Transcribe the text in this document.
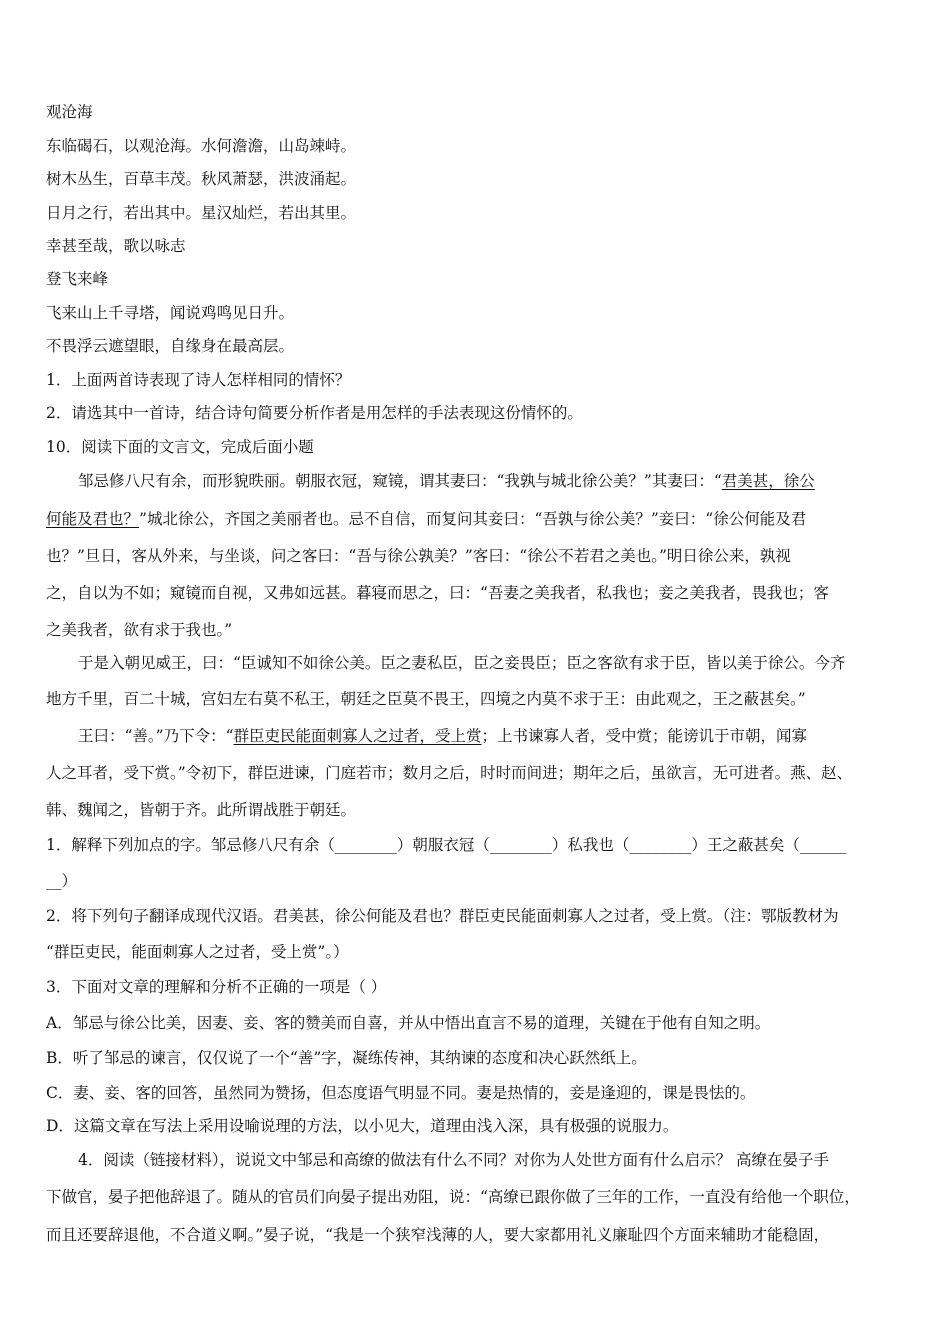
观沧海
东临碣石，以观沧海。水何澹澹，山岛竦峙。
树木丛生，百草丰茂。秋风萧瑟，洪波涌起。
日月之行，若出其中。星汉灿烂，若出其里。
幸甚至哉，歌以咏志
登飞来峰
飞来山上千寻塔，闻说鸡鸣见日升。
不畏浮云遮望眼，自缘身在最高层。
1．上面两首诗表现了诗人怎样相同的情怀？
2．请选其中一首诗，结合诗句简要分析作者是用怎样的手法表现这份情怀的。
10．阅读下面的文言文，完成后面小题
邹忌修八尺有余，而形貌昳丽。朝服衣冠，窥镜，谓其妻曰：“我孰与城北徐公美？”其妻曰：“君美甚，徐公
何能及君也？”城北徐公，齐国之美丽者也。忌不自信，而复问其妾曰：“吾孰与徐公美？”妾曰：“徐公何能及君
也？”旦日，客从外来，与坐谈，问之客曰：“吾与徐公孰美？”客曰：“徐公不若君之美也。”明日徐公来，孰视
之，自以为不如；窥镜而自视，又弗如远甚。暮寝而思之，曰：“吾妻之美我者，私我也；妾之美我者，畏我也；客
之美我者，欲有求于我也。”
于是入朝见威王，曰：“臣诚知不如徐公美。臣之妻私臣，臣之妾畏臣；臣之客欲有求于臣，皆以美于徐公。今齐
地方千里，百二十城，宫妇左右莫不私王，朝廷之臣莫不畏王，四境之内莫不求于王：由此观之，王之蔽甚矣。”
王曰：“善。”乃下令：“群臣吏民能面刺寡人之过者，受上赏；上书谏寡人者，受中赏；能谤讥于市朝，闻寡
人之耳者，受下赏。”令初下，群臣进谏，门庭若市；数月之后，时时而间进；期年之后，虽欲言，无可进者。燕、赵、
韩、魏闻之，皆朝于齐。此所谓战胜于朝廷。
1．解释下列加点的字。邹忌修八尺有余（________）朝服衣冠（________）私我也（________）王之蔽甚矣（______
__）
2．将下列句子翻译成现代汉语。君美甚，徐公何能及君也？群臣吏民能面刺寡人之过者，受上赏。（注：鄂版教材为
“群臣吏民，能面刺寡人之过者，受上赏”。）
3．下面对文章的理解和分析不正确的一项是（ ）
A．邹忌与徐公比美，因妻、妾、客的赞美而自喜，并从中悟出直言不易的道理，关键在于他有自知之明。
B．听了邹忌的谏言，仅仅说了一个“善”字，凝练传神，其纳谏的态度和决心跃然纸上。
C．妻、妾、客的回答，虽然同为赞扬，但态度语气明显不同。妻是热情的，妾是逢迎的，课是畏怯的。
D．这篇文章在写法上采用设喻说理的方法，以小见大，道理由浅入深，具有极强的说服力。
4．阅读（链接材料），说说文中邹忌和高缭的做法有什么不同？对你为人处世方面有什么启示？ 高缭在晏子手
下做官，晏子把他辞退了。随从的官员们向晏子提出劝阻，说：“高缭已跟你做了三年的工作，一直没有给他一个职位，
而且还要辞退他，不合道义啊。”晏子说，“我是一个狭窄浅薄的人，要大家都用礼义廉耻四个方面来辅助才能稳固，
